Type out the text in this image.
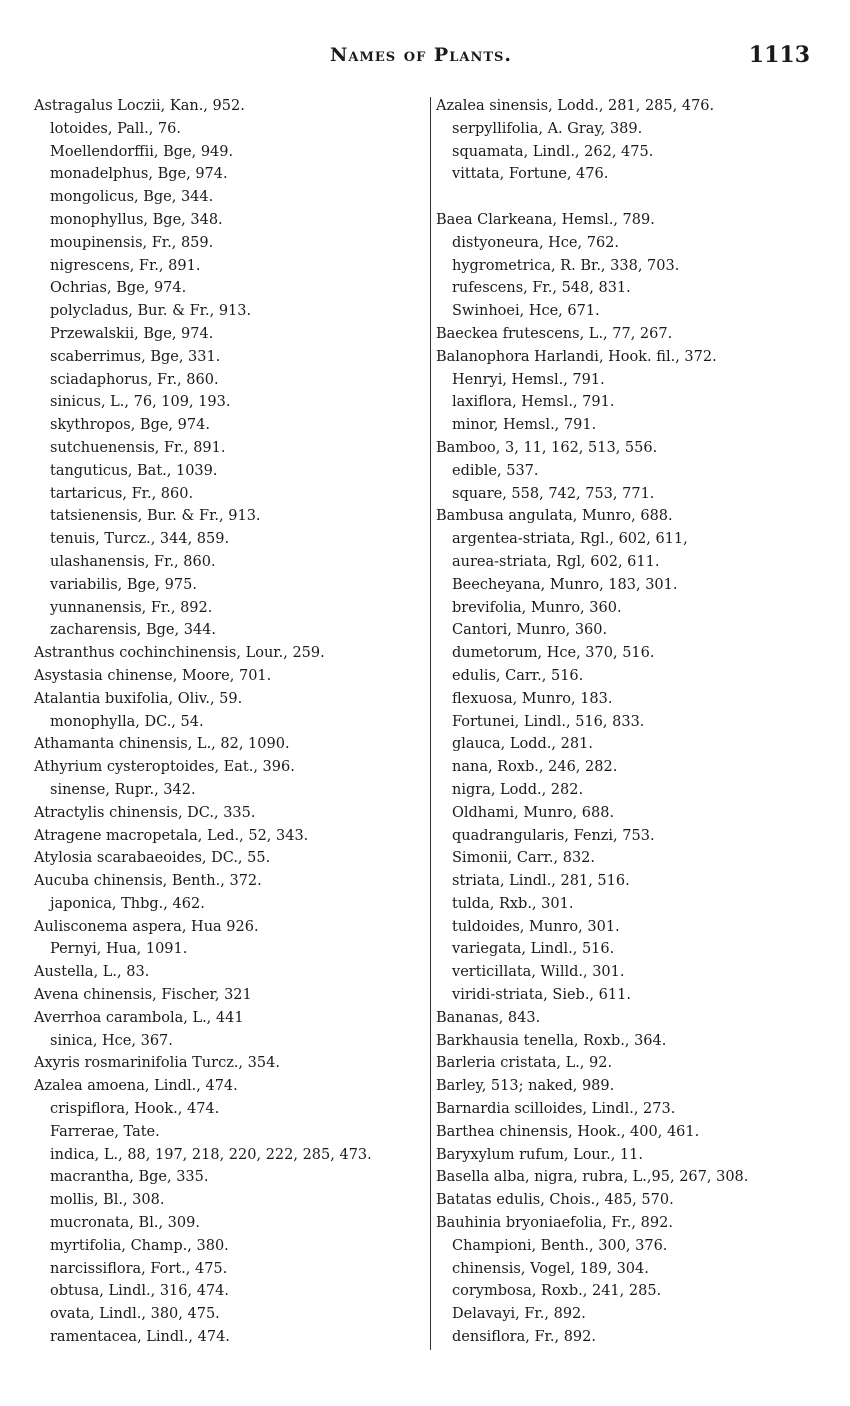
Names of Plants.	1113
Astragalus Loczii, Kan., 952.
lotoides, Pall., 76.
Moellendorffii, Bge, 949.
monadelphus, Bge, 974.
mongolicus, Bge, 344.
monophyllus, Bge, 348.
moupinensis, Fr., 859.
nigrescens, Fr., 891.
Ochrias, Bge, 974.
polycladus, Bur. & Fr., 913.
Przewalskii, Bge, 974.
scaberrimus, Bge, 331.
sciadaphorus, Fr., 860.
sinicus, L., 76, 109, 193.
skythropos, Bge, 974.
sutchuenensis, Fr., 891.
tanguticus, Bat., 1039.
tartaricus, Fr., 860.
tatsienensis, Bur. & Fr., 913.
tenuis, Turcz., 344, 859.
ulashanensis, Fr., 860.
variabilis, Bge, 975.
yunnanensis, Fr., 892.
zacharensis, Bge, 344.
Astranthus cochinchinensis, Lour., 259.
Asystasia chinense, Moore, 701.
Atalantia buxifolia, Oliv., 59.
monophylla, DC., 54.
Athamanta chinensis, L., 82, 1090.
Athyrium cysteroptoides, Eat., 396.
sinense, Rupr., 342.
Atractylis chinensis, DC., 335.
Atragene macropetala, Led., 52, 343.
Atylosia scarabaeoides, DC., 55.
Aucuba chinensis, Benth., 372.
japonica, Thbg., 462.
Aulisconema aspera, Hua 926.
Pernyi, Hua, 1091.
Austella, L., 83.
Avena chinensis, Fischer, 321
Averrhoa carambola, L., 441
sinica, Hce, 367.
Axyris rosmarinifolia Turcz., 354.
Azalea amoena, Lindl., 474.
crispiflora, Hook., 474.
Farrerae, Tate.
indica, L., 88, 197, 218, 220, 222, 285, 473.
macrantha, Bge, 335.
mollis, Bl., 308.
mucronata, Bl., 309.
myrtifolia, Champ., 380.
narcissiflora, Fort., 475.
obtusa, Lindl., 316, 474.
ovata, Lindl., 380, 475.
ramentacea, Lindl., 474.
Azalea sinensis, Lodd., 281, 285, 476.
serpyllifolia, A. Gray, 389.
squamata, Lindl., 262, 475.
vittata, Fortune, 476.
Baea Clarkeana, Hemsl., 789.
distyoneura, Hce, 762.
hygrometrica, R. Br., 338, 703.
rufescens, Fr., 548, 831.
Swinhoei, Hce, 671.
Baeckea frutescens, L., 77, 267.
Balanophora Harlandi, Hook. fil., 372.
Henryi, Hemsl., 791.
laxiflora, Hemsl., 791.
minor, Hemsl., 791.
Bamboo, 3, 11, 162, 513, 556.
edible, 537.
square, 558, 742, 753, 771.
Bambusa angulata, Munro, 688.
argentea-striata, Rgl., 602, 611,
aurea-striata, Rgl, 602, 611.
Beecheyana, Munro, 183, 301.
brevifolia, Munro, 360.
Cantori, Munro, 360.
dumetorum, Hce, 370, 516.
edulis, Carr., 516.
flexuosa, Munro, 183.
Fortunei, Lindl., 516, 833.
glauca, Lodd., 281.
nana, Roxb., 246, 282.
nigra, Lodd., 282.
Oldhami, Munro, 688.
quadrangularis, Fenzi, 753.
Simonii, Carr., 832.
striata, Lindl., 281, 516.
tulda, Rxb., 301.
tuldoides, Munro, 301.
variegata, Lindl., 516.
verticillata, Willd., 301.
viridi-striata, Sieb., 611.
Bananas, 843.
Barkhausia tenella, Roxb., 364.
Barleria cristata, L., 92.
Barley, 513; naked, 989.
Barnardia scilloides, Lindl., 273.
Barthea chinensis, Hook., 400, 461.
Baryxylum rufum, Lour., 11.
Basella alba, nigra, rubra, L.,95, 267, 308.
Batatas edulis, Chois., 485, 570.
Bauhinia bryoniaefolia, Fr., 892.
Championi, Benth., 300, 376.
chinensis, Vogel, 189, 304.
corymbosa, Roxb., 241, 285.
Delavayi, Fr., 892.
densiflora, Fr., 892.
